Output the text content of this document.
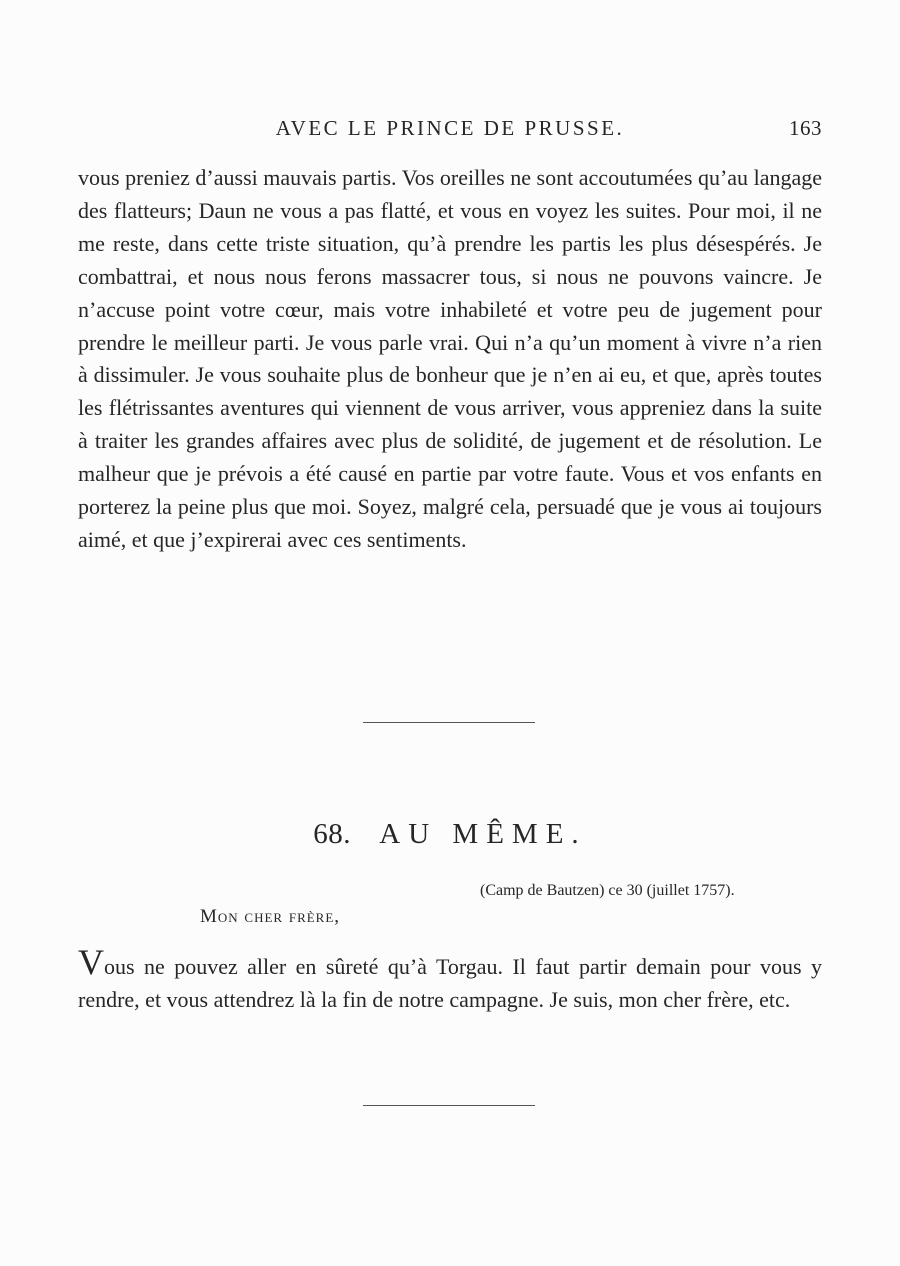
AVEC LE PRINCE DE PRUSSE.	163

vous preniez d’aussi mauvais partis. Vos oreilles ne sont accoutumées qu’au langage des flatteurs; Daun ne vous a pas flatté, et vous en voyez les suites. Pour moi, il ne me reste, dans cette triste situation, qu’à prendre les partis les plus désespérés. Je combattrai, et nous nous ferons massacrer tous, si nous ne pouvons vaincre. Je n’accuse point votre cœur, mais votre inhabileté et votre peu de jugement pour prendre le meilleur parti. Je vous parle vrai. Qui n’a qu’un moment à vivre n’a rien à dissimuler. Je vous souhaite plus de bonheur que je n’en ai eu, et que, après toutes les flétrissantes aventures qui viennent de vous arriver, vous appreniez dans la suite à traiter les grandes affaires avec plus de solidité, de jugement et de résolution. Le malheur que je prévois a été causé en partie par votre faute. Vous et vos enfants en porterez la peine plus que moi. Soyez, malgré cela, persuadé que je vous ai toujours aimé, et que j’expirerai avec ces sentiments.

68. AU MÊME.

(Camp de Bautzen) ce 30 (juillet 1757).

Mon cher frère,

Vous ne pouvez aller en sûreté qu’à Torgau. Il faut partir demain pour vous y rendre, et vous attendrez là la fin de notre campagne. Je suis, mon cher frère, etc.
